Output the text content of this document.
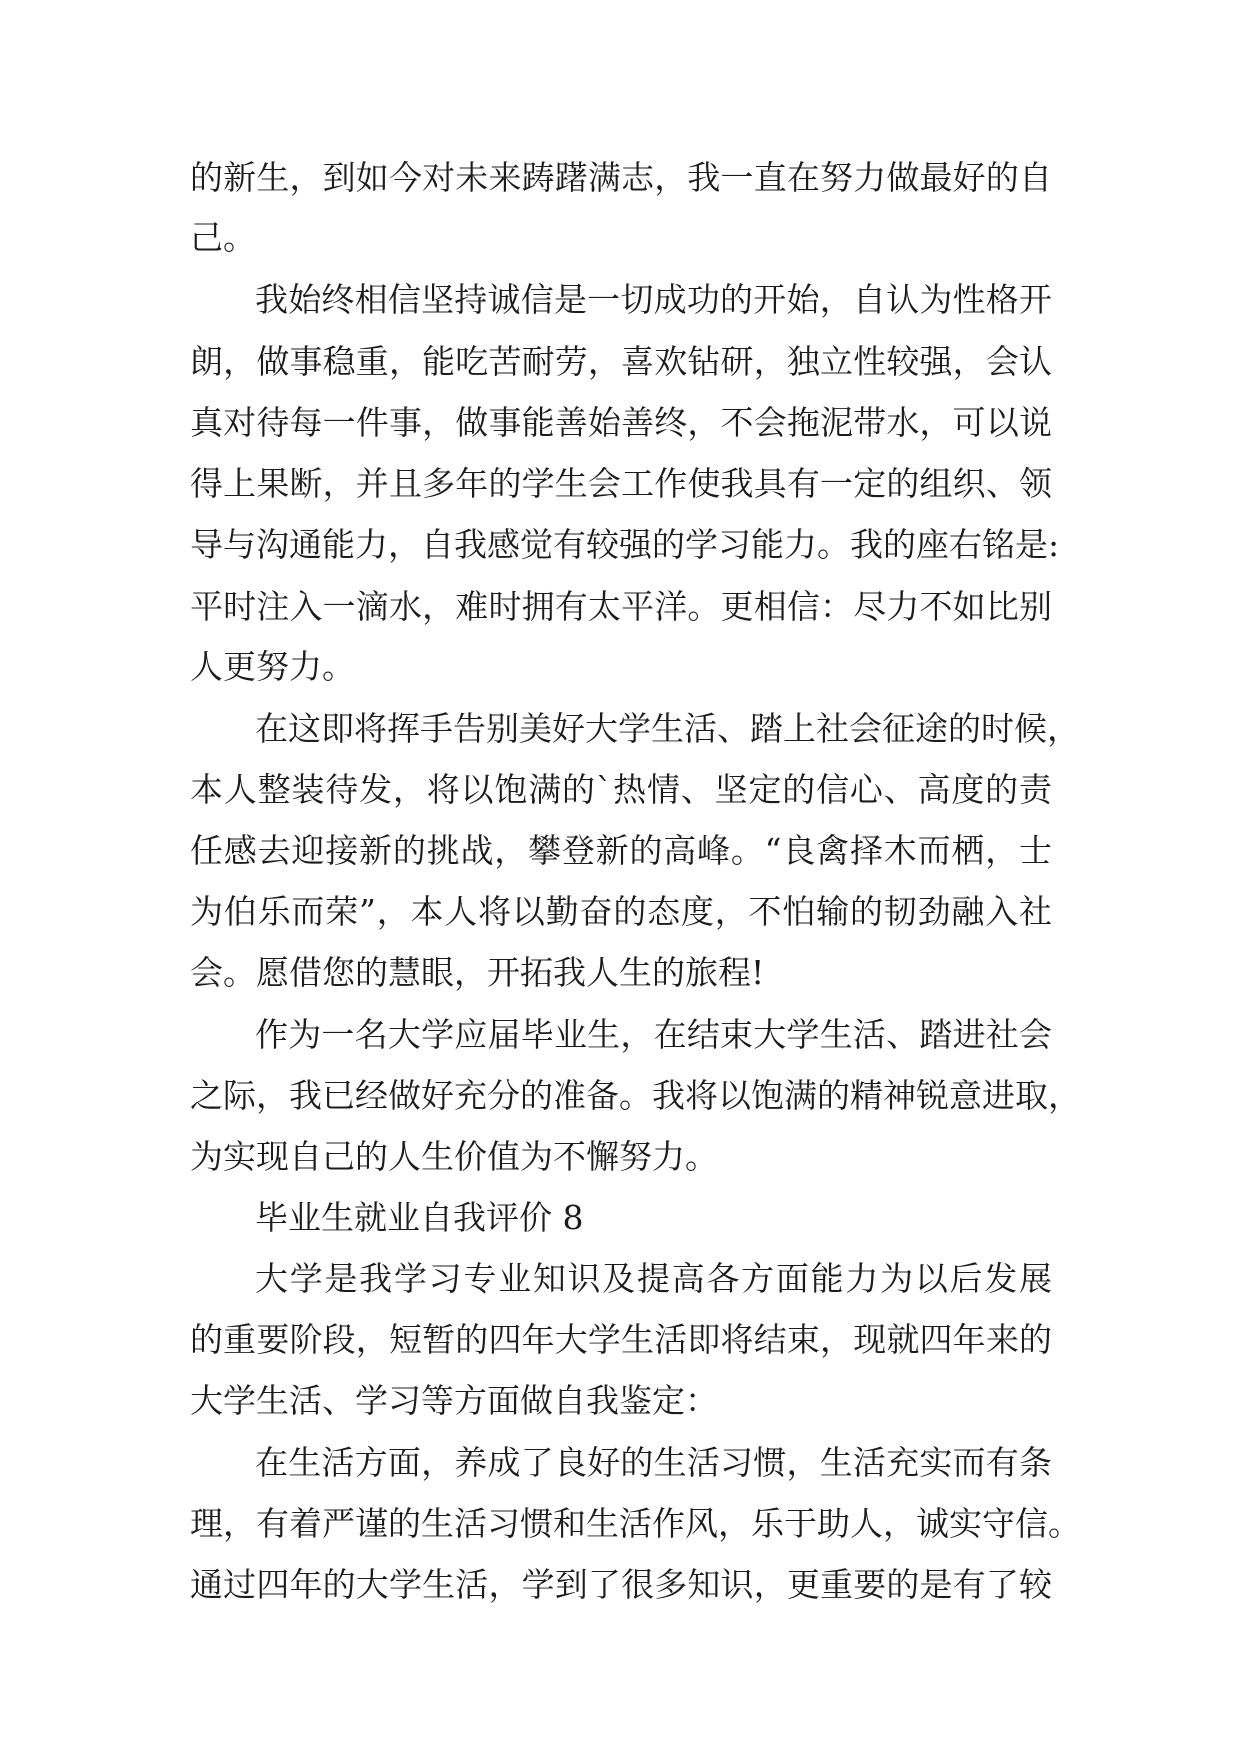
的新生，到如今对未来踌躇满志，我一直在努力做最好的自

己。

我始终相信坚持诚信是一切成功的开始，自认为性格开

朗，做事稳重，能吃苦耐劳，喜欢钻研，独立性较强，会认

真对待每一件事，做事能善始善终，不会拖泥带水，可以说

得上果断，并且多年的学生会工作使我具有一定的组织、领

导与沟通能力，自我感觉有较强的学习能力。我的座右铭是:

平时注入一滴水，难时拥有太平洋。更相信：尽力不如比别

人更努力。

在这即将挥手告别美好大学生活、踏上社会征途的时候，

本人整装待发，将以饱满的`热情、坚定的信心、高度的责

任感去迎接新的挑战，攀登新的高峰。“良禽择木而栖，士

为伯乐而荣”，本人将以勤奋的态度，不怕输的韧劲融入社

会。愿借您的慧眼，开拓我人生的旅程!

作为一名大学应届毕业生，在结束大学生活、踏进社会

之际，我已经做好充分的准备。我将以饱满的精神锐意进取，

为实现自己的人生价值为不懈努力。

毕业生就业自我评价 8

大学是我学习专业知识及提高各方面能力为以后发展

的重要阶段，短暂的四年大学生活即将结束，现就四年来的

大学生活、学习等方面做自我鉴定：

在生活方面，养成了良好的生活习惯，生活充实而有条

理，有着严谨的生活习惯和生活作风，乐于助人，诚实守信。

通过四年的大学生活，学到了很多知识，更重要的是有了较
